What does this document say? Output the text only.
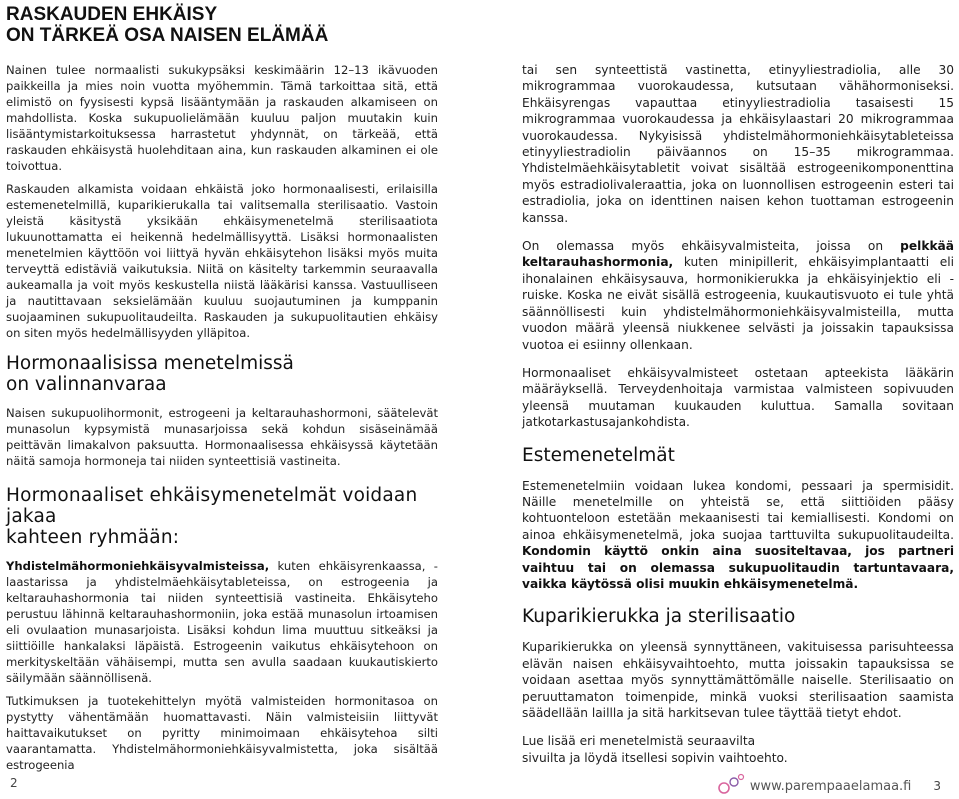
RASKAUDEN EHKÄISY
ON TÄRKEÄ OSA NAISEN ELÄMÄÄ

Nainen tulee normaalisti sukukypsäksi keskimäärin 12–13 ikävuoden paikkeilla ja mies noin vuotta myöhemmin. Tämä tarkoittaa sitä, että elimistö on fyysisesti kypsä lisääntymään ja raskauden alkamiseen on mahdollista. Koska sukupuolielämään kuuluu paljon muutakin kuin lisääntymistarkoituksessa harrastetut yhdynnät, on tärkeää, että raskauden ehkäisystä huolehditaan aina, kun raskauden alkaminen ei ole toivottua.

Raskauden alkamista voidaan ehkäistä joko hormonaalisesti, erilaisilla estemenetelmillä, kuparikierukalla tai valitsemalla sterilisaatio. Vastoin yleistä käsitystä yksikään ehkäisymenetelmä sterilisaatiota lukuunottamatta ei heikennä hedelmällisyyttä. Lisäksi hormonaalisten menetelmien käyttöön voi liittyä hyvän ehkäisytehon lisäksi myös muita terveyttä edistäviä vaikutuksia. Niitä on käsitelty tarkemmin seuraavalla aukeamalla ja voit myös keskustella niistä lääkärisi kanssa. Vastuulliseen ja nautittavaan seksielämään kuuluu suojautuminen ja kumppanin suojaaminen sukupuolitaudeilta. Raskauden ja sukupuolitautien ehkäisy on siten myös hedelmällisyyden ylläpitoa.

Hormonaalisissa menetelmissä
on valinnanvaraa

Naisen sukupuolihormonit, estrogeeni ja keltarauhashormoni, säätelevät munasolun kypsymistä munasarjoissa sekä kohdun sisäseinämää peittävän limakalvon paksuutta. Hormonaalisessa ehkäisyssä käytetään näitä samoja hormoneja tai niiden synteettisiä vastineita.

Hormonaaliset ehkäisymenetelmät voidaan jakaa
kahteen ryhmään:

Yhdistelmähormoniehkäisyvalmisteissa, kuten ehkäisyrenkaassa, -laastarissa ja yhdistelmäehkäisytableteissa, on estrogeenia ja keltarauhashormonia tai niiden synteettisiä vastineita. Ehkäisyteho perustuu lähinnä keltarauhashormoniin, joka estää munasolun irtoamisen eli ovulaation munasarjoista. Lisäksi kohdun lima muuttuu sitkeäksi ja siittiöille hankalaksi läpäistä. Estrogeenin vaikutus ehkäisytehoon on merkityskeltään vähäisempi, mutta sen avulla saadaan kuukautiskierto säilymään säännöllisenä.

Tutkimuksen ja tuotekehittelyn myötä valmisteiden hormonitasoa on pystytty vähentämään huomattavasti. Näin valmisteisiin liittyvät haittavaikutukset on pyritty minimoimaan ehkäisytehoa silti vaarantamatta. Yhdistelmähormoniehkäisyvalmistetta, joka sisältää estrogeenia

tai sen synteettistä vastinetta, etinyyliestradiolia, alle 30 mikrogrammaa vuorokaudessa, kutsutaan vähähormoniseksi. Ehkäisyrengas vapauttaa etinyyliestradiolia tasaisesti 15 mikrogrammaa vuorokaudessa ja ehkäisylaastari 20 mikrogrammaa vuorokaudessa. Nykyisissä yhdistelmähormoniehkäisytableteissa etinyyliestradiolin päiväannos on 15–35 mikrogrammaa. Yhdistelmäehkäisytabletit voivat sisältää estrogeenikomponenttina myös estradiolivaleraattia, joka on luonnollisen estrogeenin esteri tai estradiolia, joka on identtinen naisen kehon tuottaman estrogeenin kanssa.

On olemassa myös ehkäisyvalmisteita, joissa on pelkkää keltarauhashormonia, kuten minipillerit, ehkäisyimplantaatti eli ihonalainen ehkäisysauva, hormonikierukka ja ehkäisyinjektio eli -ruiske. Koska ne eivät sisällä estrogeenia, kuukautisvuoto ei tule yhtä säännöllisesti kuin yhdistelmähormoniehkäisyvalmisteilla, mutta vuodon määrä yleensä niukkenee selvästi ja joissakin tapauksissa vuotoa ei esiinny ollenkaan.

Hormonaaliset ehkäisyvalmisteet ostetaan apteekista lääkärin määräyksellä. Terveydenhoitaja varmistaa valmisteen sopivuuden yleensä muutaman kuukauden kuluttua. Samalla sovitaan jatkotarkastusajankohdista.

Estemenetelmät

Estemenetelmiin voidaan lukea kondomi, pessaari ja spermisidit. Näille menetelmille on yhteistä se, että siittiöiden pääsy kohtuonteloon estetään mekaanisesti tai kemiallisesti. Kondomi on ainoa ehkäisymenetelmä, joka suojaa tarttuvilta sukupuolitaudeilta. Kondomin käyttö onkin aina suositeltavaa, jos partneri vaihtuu tai on olemassa sukupuolitaudin tartuntavaara, vaikka käytössä olisi muukin ehkäisymenetelmä.

Kuparikierukka ja sterilisaatio

Kuparikierukka on yleensä synnyttäneen, vakituisessa parisuhteessa elävän naisen ehkäisyvaihtoehto, mutta joissakin tapauksissa se voidaan asettaa myös synnyttämättömälle naiselle. Sterilisaatio on peruuttamaton toimenpide, minkä vuoksi sterilisaation saamista säädellään laillla ja sitä harkitsevan tulee täyttää tietyt ehdot.

Lue lisää eri menetelmistä seuraavilta
sivuilta ja löydä itsellesi sopivin vaihtoehto.

2	www.parempaaelamaa.fi 3
